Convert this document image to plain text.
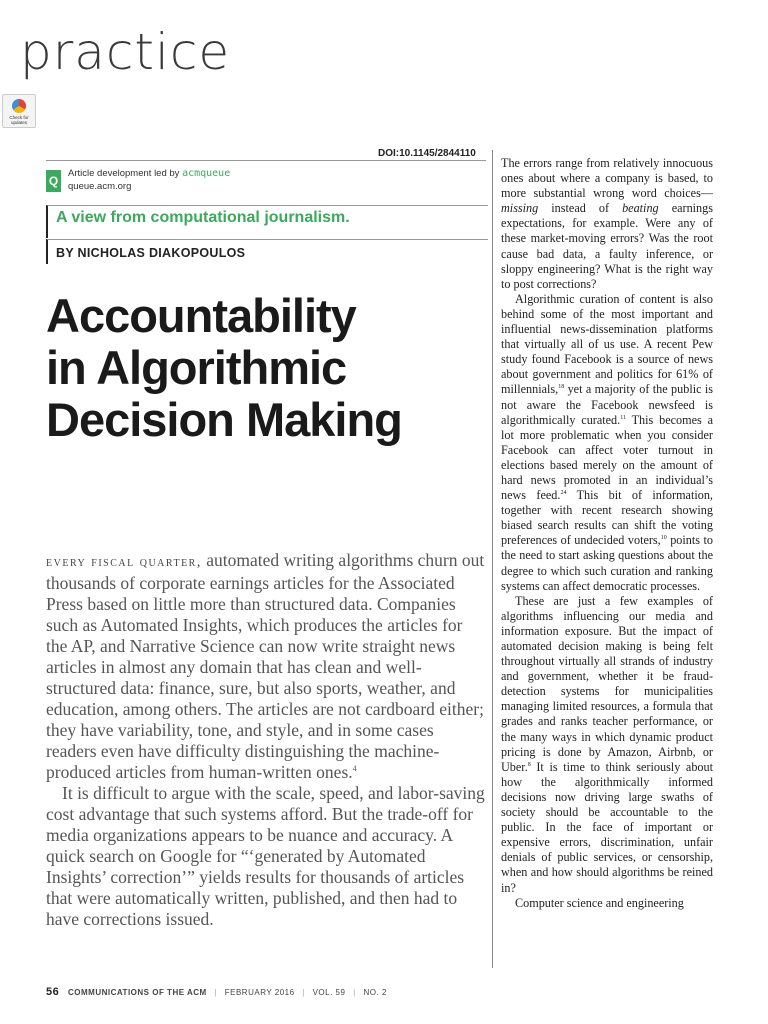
practice
Check for updates
DOI:10.1145/2844110
Q
Article development led by acmqueue
queue.acm.org
A view from computational journalism.
BY NICHOLAS DIAKOPOULOS
Accountability
in Algorithmic
Decision Making

every fiscal quarter, automated writing algorithms churn out thousands of corporate earnings articles for the Associated Press based on little more than structured data. Companies such as Automated Insights, which produces the articles for the AP, and Narrative Science can now write straight news articles in almost any domain that has clean and well-structured data: finance, sure, but also sports, weather, and education, among others. The articles are not cardboard either; they have variability, tone, and style, and in some cases readers even have difficulty distinguishing the machine-produced articles from human-written ones.$^4$

It is difficult to argue with the scale, speed, and labor-saving cost advantage that such systems afford. But the trade-off for media organizations appears to be nuance and accuracy. A quick search on Google for “‘generated by Automated Insights’ correction’” yields results for thousands of articles that were automatically written, published, and then had to have corrections issued.

The errors range from relatively innocuous ones about where a company is based, to more substantial wrong word choices—missing instead of beating earnings expectations, for example. Were any of these market-moving errors? Was the root cause bad data, a faulty inference, or sloppy engineering? What is the right way to post corrections?

Algorithmic curation of content is also behind some of the most important and influential news-dissemination platforms that virtually all of us use. A recent Pew study found Facebook is a source of news about government and politics for 61% of millennials,$^{18}$ yet a majority of the public is not aware the Facebook newsfeed is algorithmically curated.$^{11}$ This becomes a lot more problematic when you consider Facebook can affect voter turnout in elections based merely on the amount of hard news promoted in an individual’s news feed.$^{24}$ This bit of information, together with recent research showing biased search results can shift the voting preferences of undecided voters,$^{10}$ points to the need to start asking questions about the degree to which such curation and ranking systems can affect democratic processes.

These are just a few examples of algorithms influencing our media and information exposure. But the impact of automated decision making is being felt throughout virtually all strands of industry and government, whether it be fraud-detection systems for municipalities managing limited resources, a formula that grades and ranks teacher performance, or the many ways in which dynamic product pricing is done by Amazon, Airbnb, or Uber.$^8$ It is time to think seriously about how the algorithmically informed decisions now driving large swaths of society should be accountable to the public. In the face of important or expensive errors, discrimination, unfair denials of public services, or censorship, when and how should algorithms be reined in?

Computer science and engineering

56 COMMUNICATIONS OF THE ACM | FEBRUARY 2016 | VOL. 59 | NO. 2
